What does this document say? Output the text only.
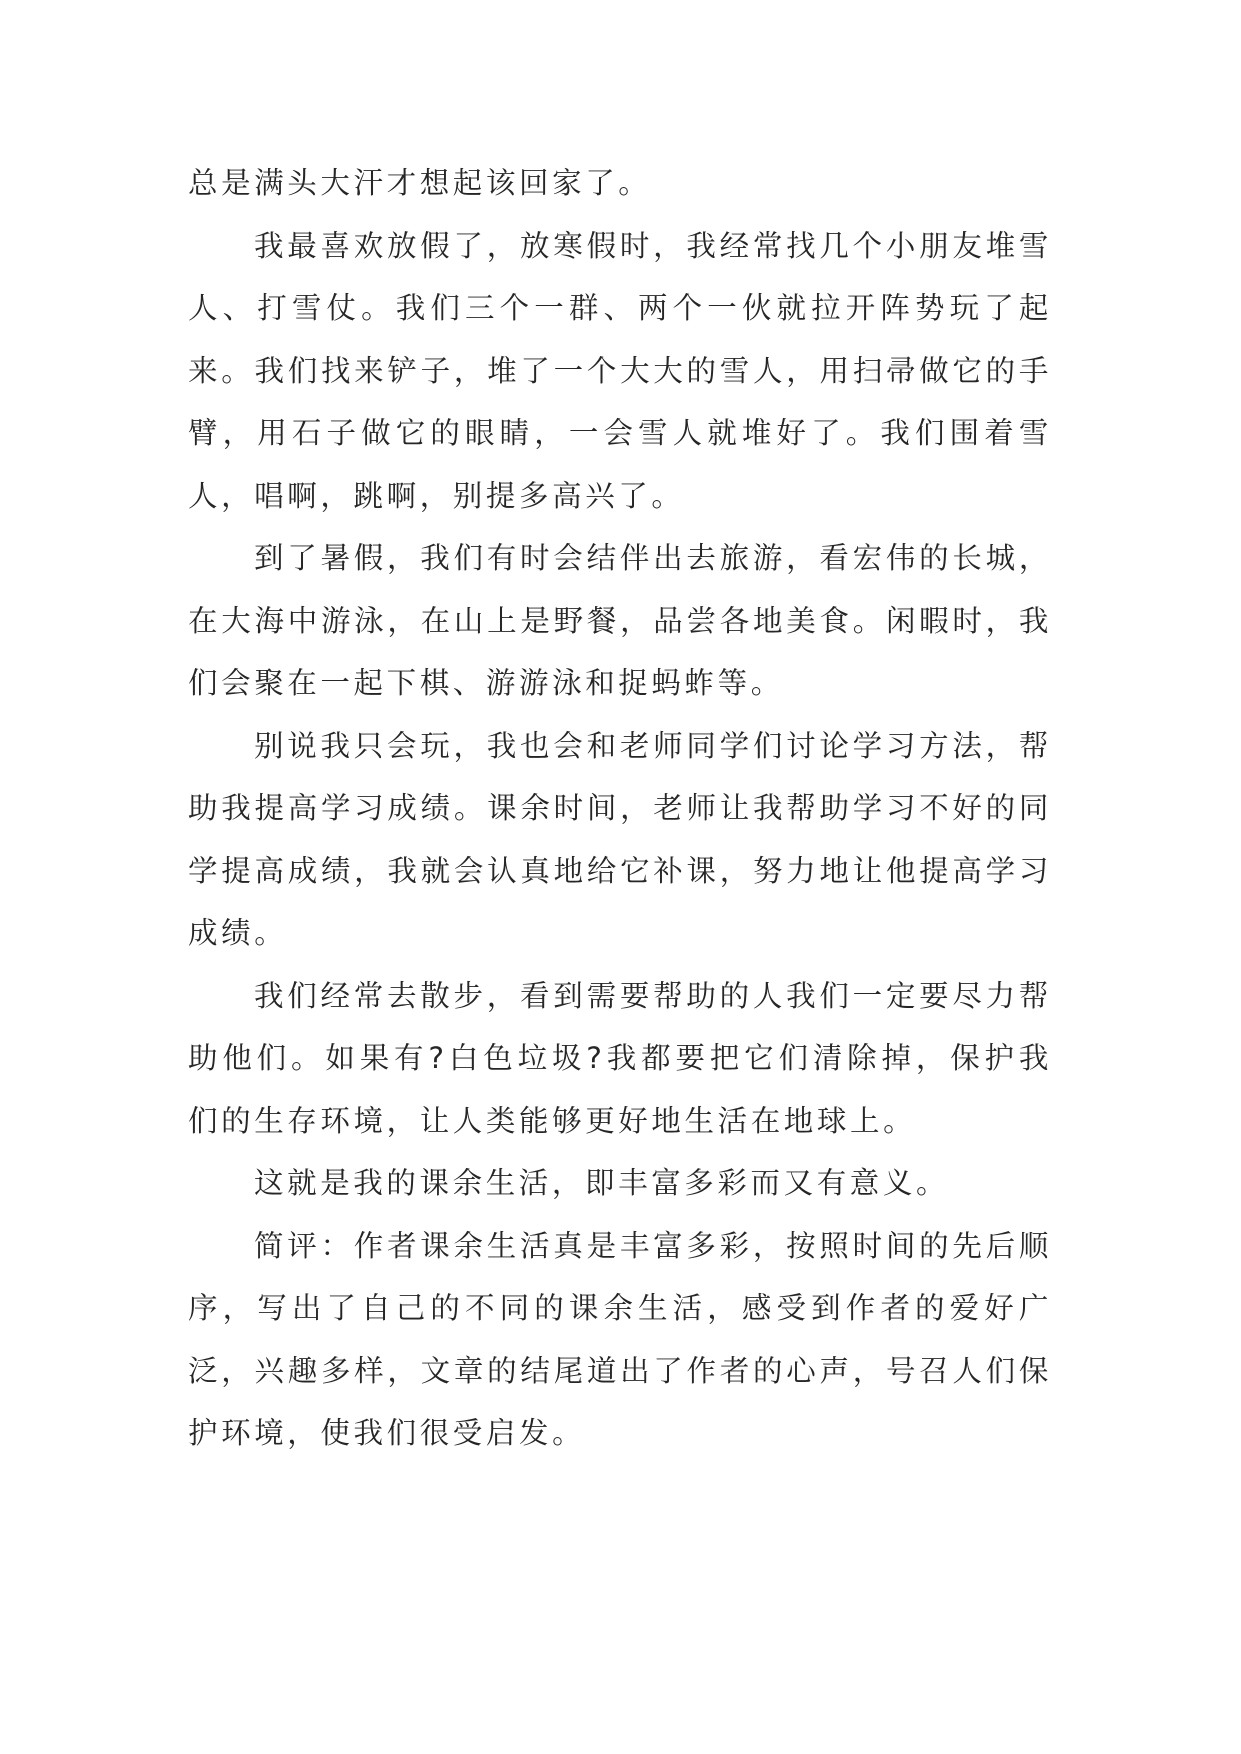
总是满头大汗才想起该回家了。

我最喜欢放假了，放寒假时，我经常找几个小朋友堆雪人、打雪仗。我们三个一群、两个一伙就拉开阵势玩了起来。我们找来铲子，堆了一个大大的雪人，用扫帚做它的手臂，用石子做它的眼睛，一会雪人就堆好了。我们围着雪人，唱啊，跳啊，别提多高兴了。

到了暑假，我们有时会结伴出去旅游，看宏伟的长城，在大海中游泳，在山上是野餐，品尝各地美食。闲暇时，我们会聚在一起下棋、游游泳和捉蚂蚱等。

别说我只会玩，我也会和老师同学们讨论学习方法，帮助我提高学习成绩。课余时间，老师让我帮助学习不好的同学提高成绩，我就会认真地给它补课，努力地让他提高学习成绩。

我们经常去散步，看到需要帮助的人我们一定要尽力帮助他们。如果有?白色垃圾?我都要把它们清除掉，保护我们的生存环境，让人类能够更好地生活在地球上。

这就是我的课余生活，即丰富多彩而又有意义。

简评：作者课余生活真是丰富多彩，按照时间的先后顺序，写出了自己的不同的课余生活，感受到作者的爱好广泛，兴趣多样，文章的结尾道出了作者的心声，号召人们保护环境，使我们很受启发。
